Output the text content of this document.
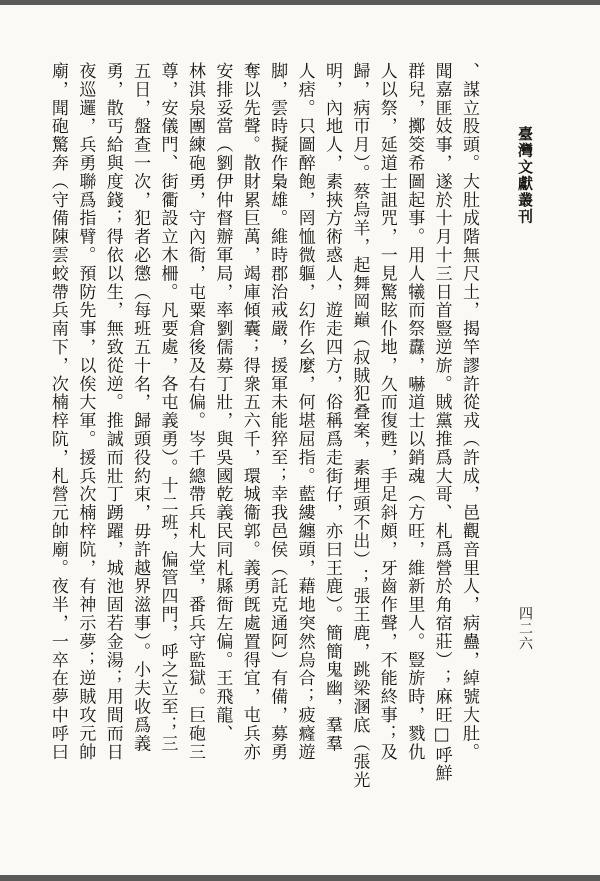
臺灣文獻叢刊
四二六
、謀立股頭。大肚成階無尺土，揭竿謬許從戎（許成，邑觀音里人，病蠱，綽號大肚。
聞嘉匪妓事，遂於十月十三日首豎逆旂。賊黨推爲大哥、札爲營於角宿莊）；麻旺□呼鮮
群兒，擲筊希圖起事。用人犧而祭纛，嚇道士以銷魂（方旺，維新里人。豎旂時，戮仇
人以祭，延道士詛咒，一見驚眩仆地，久而復甦，手足斜頗，牙齒作聲，不能終事；及
歸，病帀月）。蔡烏羊，起舞岡巔（叔賊犯叠案，素埋頭不出）；張王鹿，跳梁溷底（張光
明，內地人，素挾方術惑人，遊走四方，俗稱爲走街仔，亦曰王鹿）。簡簡鬼幽，羣羣
人痞。只圖醉飽，罔恤微軀，幻作幺麼，何堪屈指。藍縷纏頭，藉地突然烏合；疲癃遊
脚，雲時擬作梟雄。維時郡治戒嚴，援軍未能猝至；幸我邑侯（託克通阿）有備，募勇
奪以先聲。散財累巨萬，竭庫傾囊；得衆五六千，環城衞郭。義勇旣處置得宜，屯兵亦
安排妥當（劉伊仲督辦軍局，率劉儒募丁壯，與吳國乾義民同札縣衙左偏。王飛龍、
林淇泉團練砲勇，守內衙，屯粟倉後及右偏。岑千總帶兵札大堂，番兵守監獄。巨砲三
尊，安儀門、街衢設立木柵。凡要處，各屯義勇）。十二班，偏管四門，呼之立至；三
五日，盤查一次，犯者必懲（每班五十名，歸頭役約束，毋許越界滋事）。小夫收爲義
勇，散丐給與度錢；得依以生，無致從逆。推誠而壯丁踴躍，城池固若金湯；用間而日
夜巡邏，兵勇聯爲指臂。預防先事，以俟大軍。援兵次楠梓阬，有神示夢；逆賊攻元帥
廟，聞砲驚奔（守備陳雲蛟帶兵南下，次楠梓阬，札營元帥廟。夜半，一卒在夢中呼曰
